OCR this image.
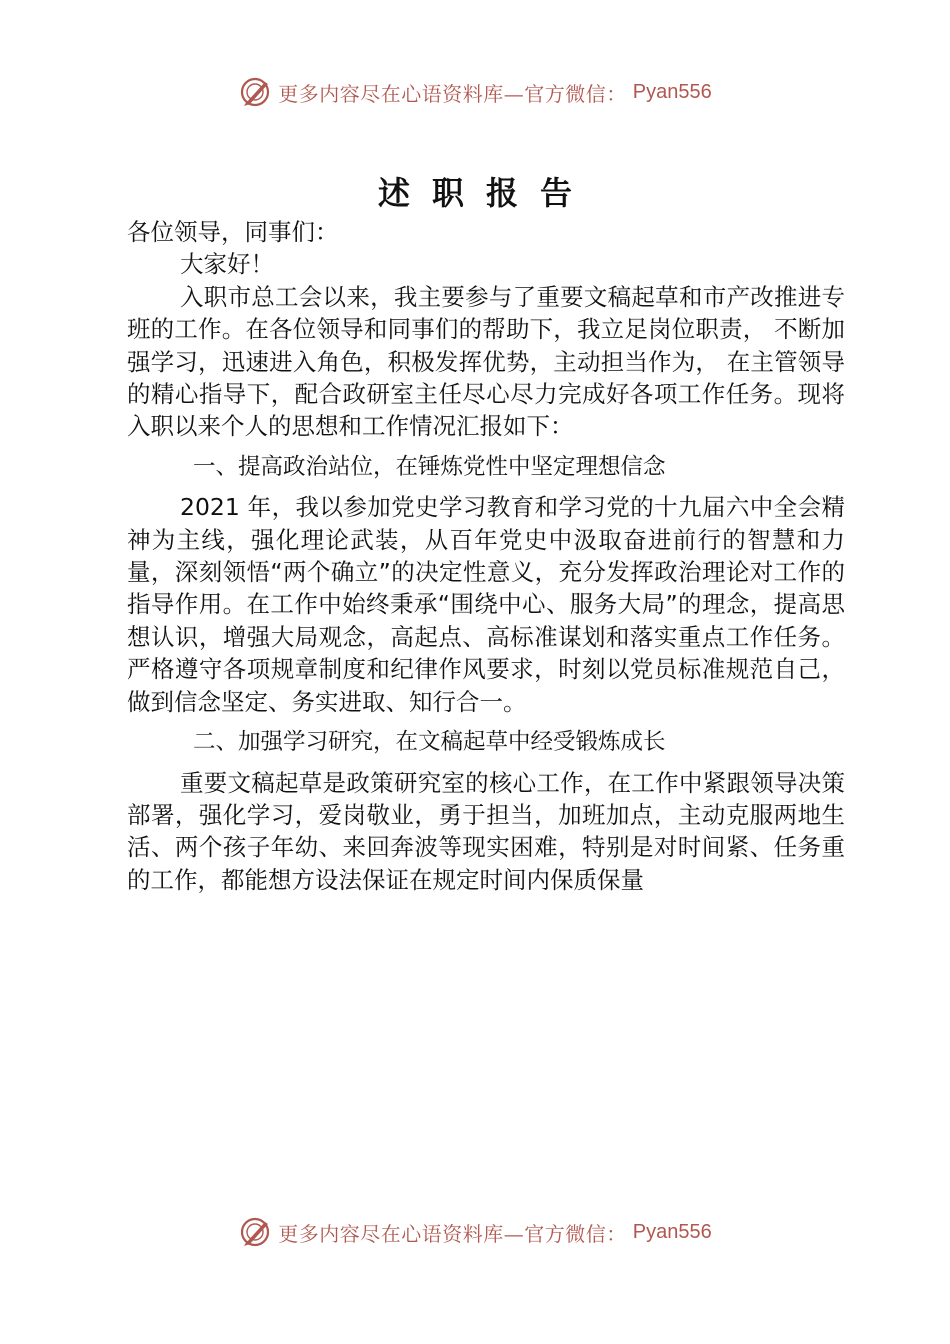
更多内容尽在心语资料库—官方微信： Pyan556
述职报告

各位领导，同事们：

大家好！

入职市总工会以来，我主要参与了重要文稿起草和市产改推进专班的工作。在各位领导和同事们的帮助下，我立足岗位职责， 不断加强学习，迅速进入角色，积极发挥优势，主动担当作为， 在主管领导的精心指导下，配合政研室主任尽心尽力完成好各项工作任务。现将入职以来个人的思想和工作情况汇报如下：

一、提高政治站位，在锤炼党性中坚定理想信念

2021 年，我以参加党史学习教育和学习党的十九届六中全会精神为主线，强化理论武装，从百年党史中汲取奋进前行的智慧和力量，深刻领悟“两个确立”的决定性意义，充分发挥政治理论对工作的指导作用。在工作中始终秉承“围绕中心、服务大局”的理念，提高思想认识，增强大局观念，高起点、高标准谋划和落实重点工作任务。严格遵守各项规章制度和纪律作风要求，时刻以党员标准规范自己，做到信念坚定、务实进取、知行合一。

二、加强学习研究，在文稿起草中经受锻炼成长

重要文稿起草是政策研究室的核心工作，在工作中紧跟领导决策部署，强化学习，爱岗敬业，勇于担当，加班加点，主动克服两地生活、两个孩子年幼、来回奔波等现实困难，特别是对时间紧、任务重的工作，都能想方设法保证在规定时间内保质保量

更多内容尽在心语资料库—官方微信： Pyan556
